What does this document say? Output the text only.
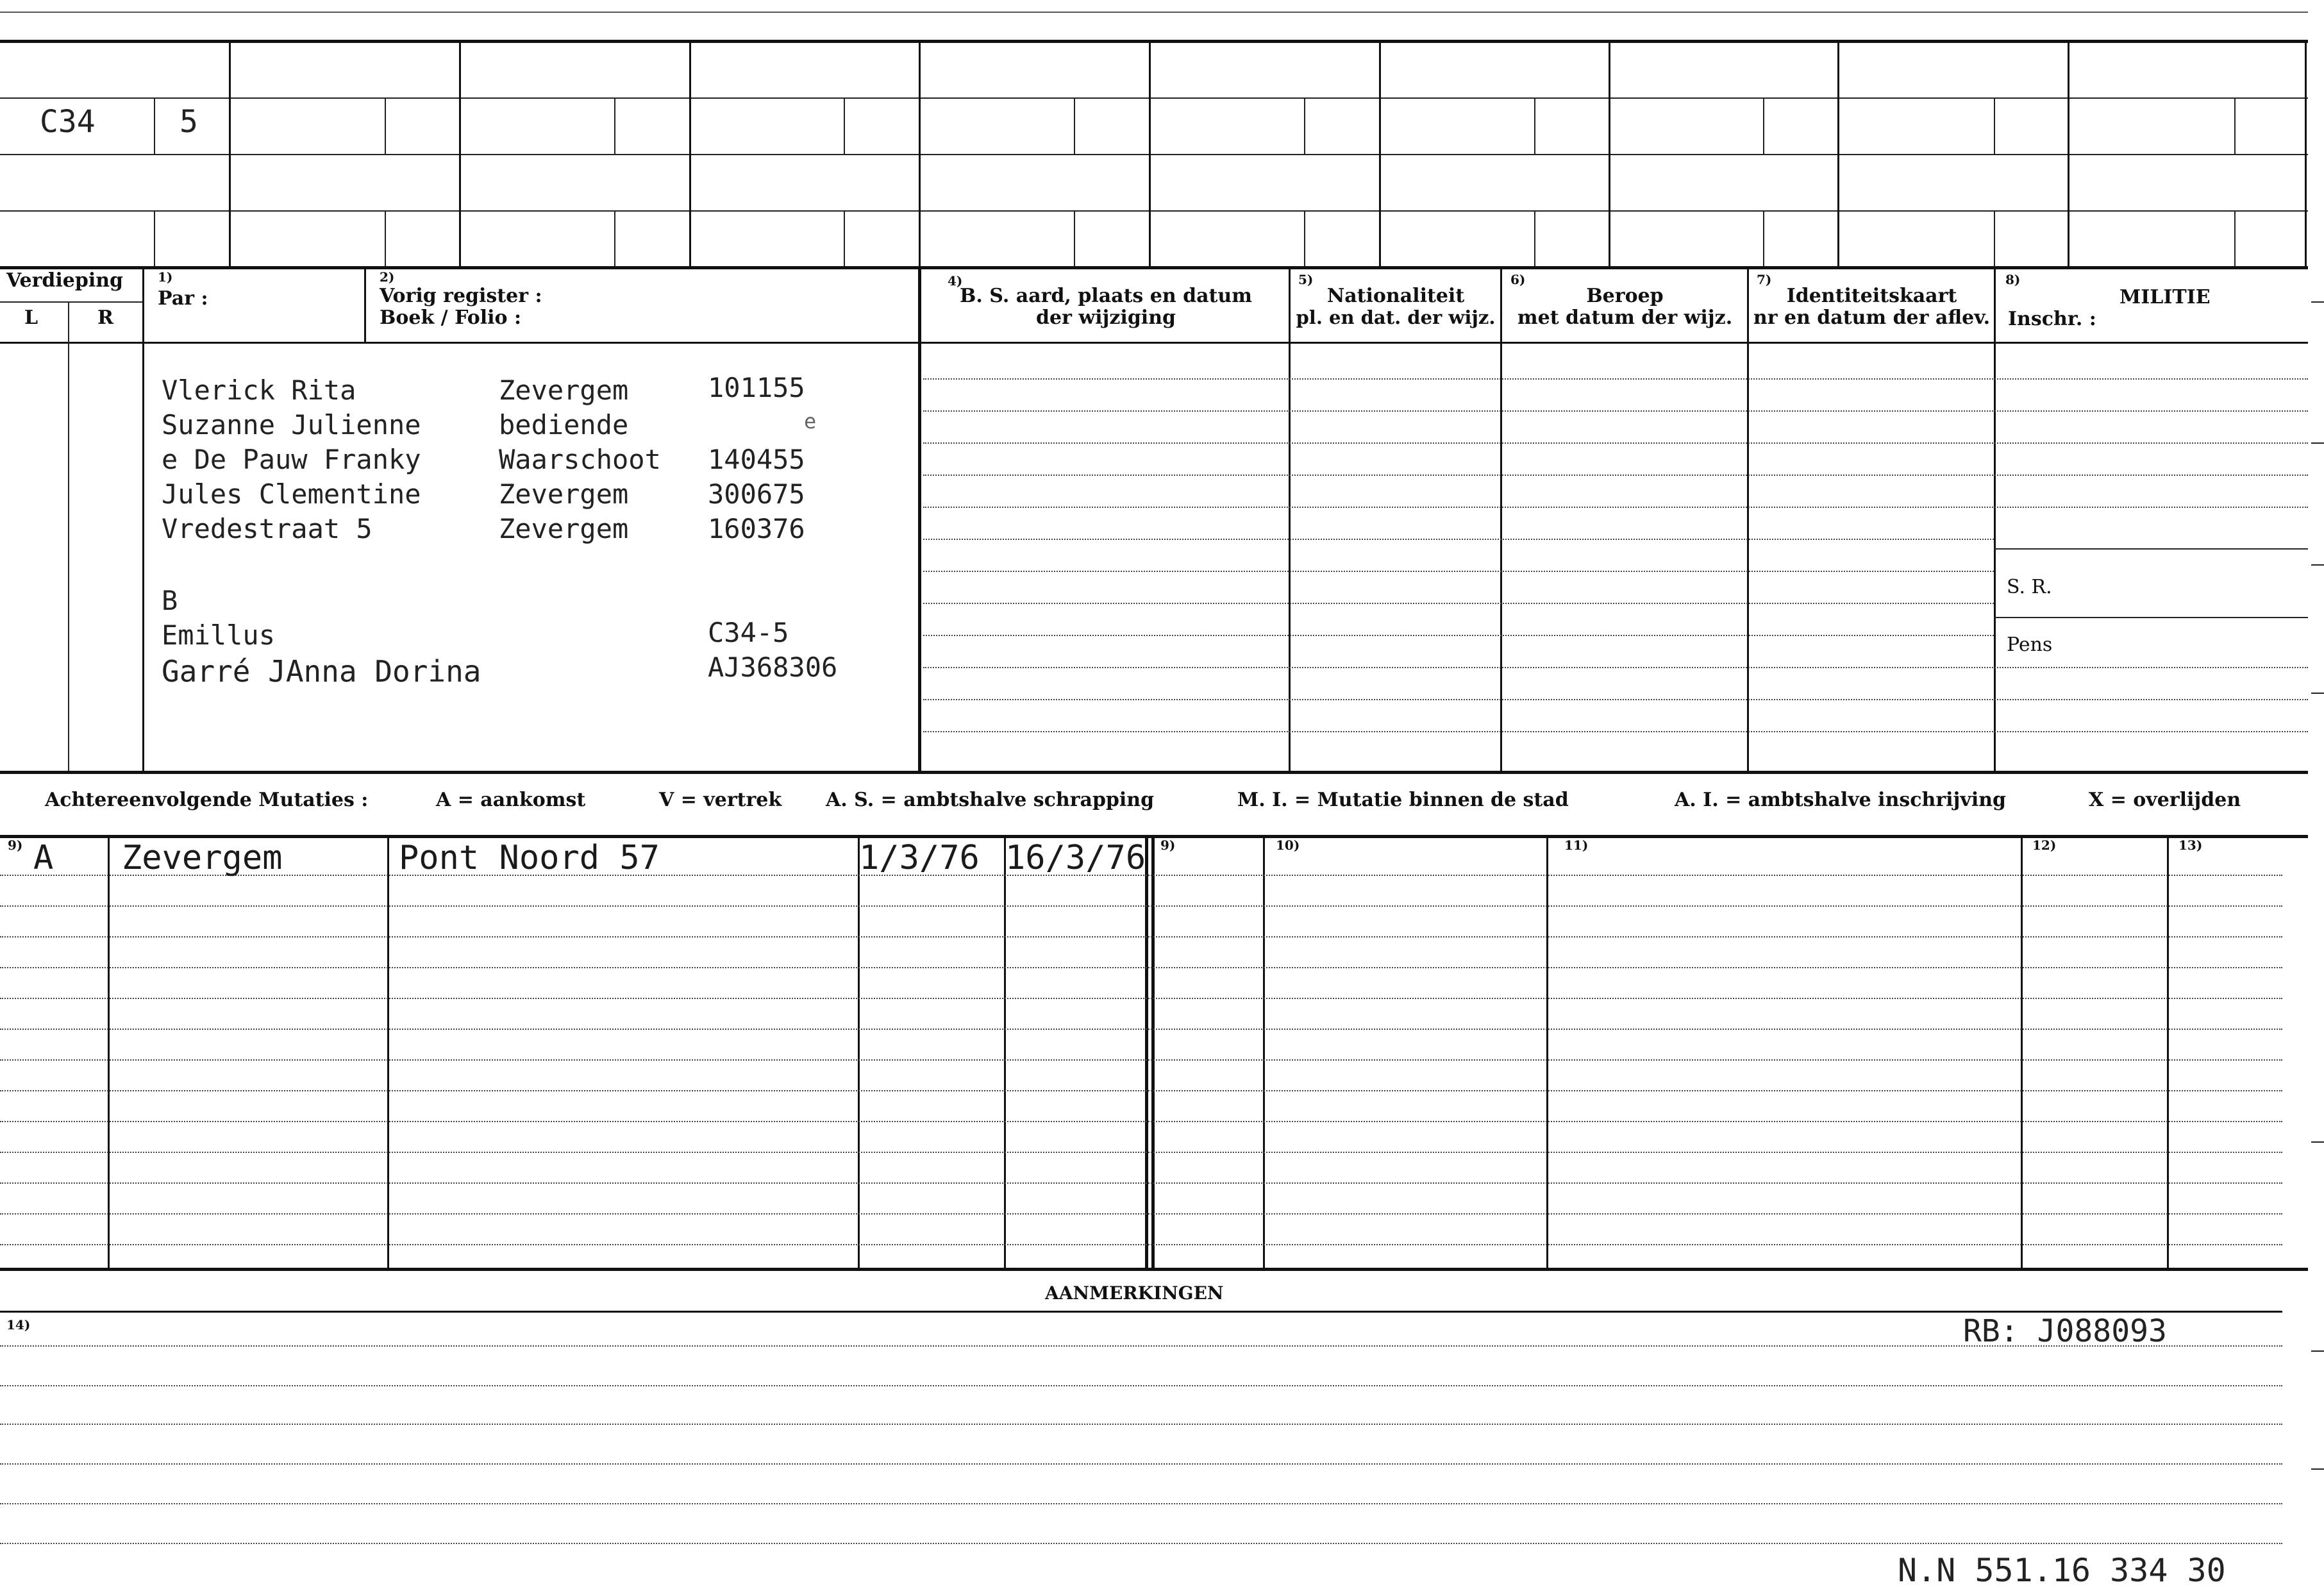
C34	5
Verdieping
L	R
1)
Par :
2)
Vorig register :
Boek / Folio :
4)
B. S. aard, plaats en datum
der wijziging
5)
Nationaliteit
pl. en dat. der wijz.
6)
Beroep
met datum der wijz.
7)
Identiteitskaart
nr en datum der aflev.
8)
MILITIE
Inschr. :
S. R.
Pens
Vlerick Rita	Zevergem	101155
Suzanne Julienne	bediende	e
e De Pauw Franky	Waarschoot 140455
Jules Clementine	Zevergem	300675
Vredestraat 5	Zevergem	160376
B
Emillus	C34-5
Garré JAnna Dorina	AJ368306
Achtereenvolgende Mutaties :	A = aankomst	V = vertrek A. S. = ambtshalve schrapping	M. I. = Mutatie binnen de stad	A. I. = ambtshalve inschrijving	X = overlijden
9)	9)	10)	11)	12)	13)
A Zevergem	Pont Noord 57	1/3/76 16/3/76
AANMERKINGEN
14)	RB: J088093
N.N 551.16 334 30
